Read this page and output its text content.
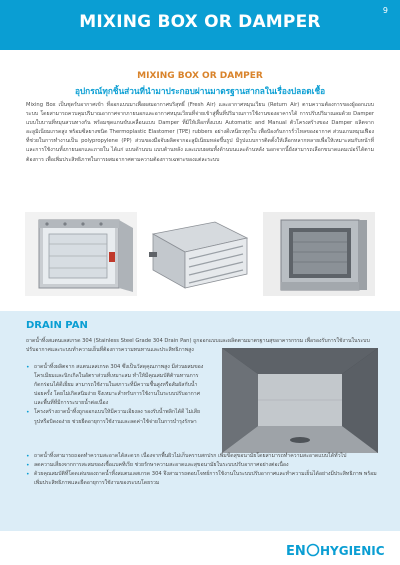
MIXING BOX OR DAMPER
9
MIXING BOX OR DAMPER
อุปกรณ์ทุกชิ้นส่วนที่นำมาประกอบผ่านมาตรฐานสากลในเรื่องปลอดเชื้อ
Mixing Box เป็นชุดรับอากาศเข้า ที่ออกแบบมาเพื่อผสมอากาศบริสุทธิ์ (Fresh Air) และอากาศหมุนเวียน (Return Air) ตามความต้องการของผู้ออกแบบระบบ โดยสามารถควบคุมปริมาณอากาศจากภายนอกและอากาศหมุนเวียนที่จ่ายเข้าสู่พื้นที่ปริมาณการใช้งานของอาคารได้ การปรับปริมาณลมด้วย Damper แบบใบบานที่หมุนสวนทางกัน พร้อมชุดแกนขับเคลื่อนแบบ Damper ที่มีให้เลือกทั้งแบบ Automatic and Manual ตัวโครงสร้างของ Damper ผลิตจากอะลูมิเนียมเกรดสูง พร้อมซีลยางชนิด Thermoplastic Elastomer (TPE) rubbers อย่างดีเหนียวทุกใบ เพื่อป้องกันการรั่วไหลของอากาศ ส่วนแกนหมุนเฟืองที่ช่วยในการทำงานเป็น polypropylene (PP) ส่วนของมือจับผลิตจากอะลูมิเนียมหล่อขึ้นรูป มีรูปแบบการติดตั้งให้เลือกหลากหลายเพื่อให้เหมาะสมกับหน้าที่และการใช้งานทั้งภายนอกและภายใน ได้แก่ แบบด้านบน แบบด้านหลัง และแบบผสมทั้งด้านบนและด้านหลัง นอกจากนี้ยังสามารถเลือกขนาดแดมเปอร์ได้ตามต้องการ เพื่อเพิ่มประสิทธิภาพในการผสมอากาศตามความต้องการเฉพาะของแต่ละระบบ
DRAIN PAN
ถาดน้ำทิ้งสแตนเลสเกรด 304 (Stainless Steel Grade 304 Drain Pan) ถูกออกแบบและผลิตตามมาตรฐานสุขอาคารกรรม เพื่อรองรับการใช้งานในระบบปรับอากาศและระบบทำความเย็นที่ต้องการความทนทานและประสิทธิภาพสูง
• ถาดน้ำทิ้งผลิตจาก สแตนเลสเกรด 304 ซึ่งเป็นวัสดุคุณภาพสูง มีส่วนผสมของโครเมียมและนิกเกิลในอัตราส่วนที่เหมาะสม ทำให้มีคุณสมบัติต้านทานการกัดกร่อนได้ดีเยี่ยม สามารถใช้งานในสภาวะที่มีความชื้นสูงหรือสัมผัสกับน้ำบ่อยครั้ง โดยไม่เกิดสนิมง่าย จึงเหมาะสำหรับการใช้งานในระบบปรับอากาศและพื้นที่ที่มีการระบายน้ำต่อเนื่อง
• โครงสร้างถาดน้ำทิ้งถูกออกแบบให้มีความเอียงลง รองรับน้ำพลิกได้ดี ไม่เสียรูปหรือบิดงอง่าย ช่วยยืดอายุการใช้งานและลดค่าใช้จ่ายในการบำรุงรักษา
• ถาดน้ำทิ้งสามารถถอดทำความสะอาดได้สะดวก เนื่องจากพื้นผิวไม่เก็บคราบสกปรก เพิ่มขีดสุขอนามัยโดยสามารถทำความสะอาดแบบได้ทั่วไป
• ลดความเสี่ยงจากการสะสมของเชื้อแบคทีเรีย ช่วยรักษาความสะอาดและสุขอนามัยในระบบปรับอากาศอย่างต่อเนื่อง
• ด้วยคุณสมบัติที่โดดเด่นของถาดน้ำทิ้งสแตนเลสเกรด 304 จึงสามารถตอบโจทย์การใช้งานในระบบปรับอากาศและทำความเย็นได้อย่างมีประสิทธิภาพ พร้อมเพิ่มประสิทธิภาพและยืดอายุการใช้งานของระบบโดยรวม
EN HYGIENIC
